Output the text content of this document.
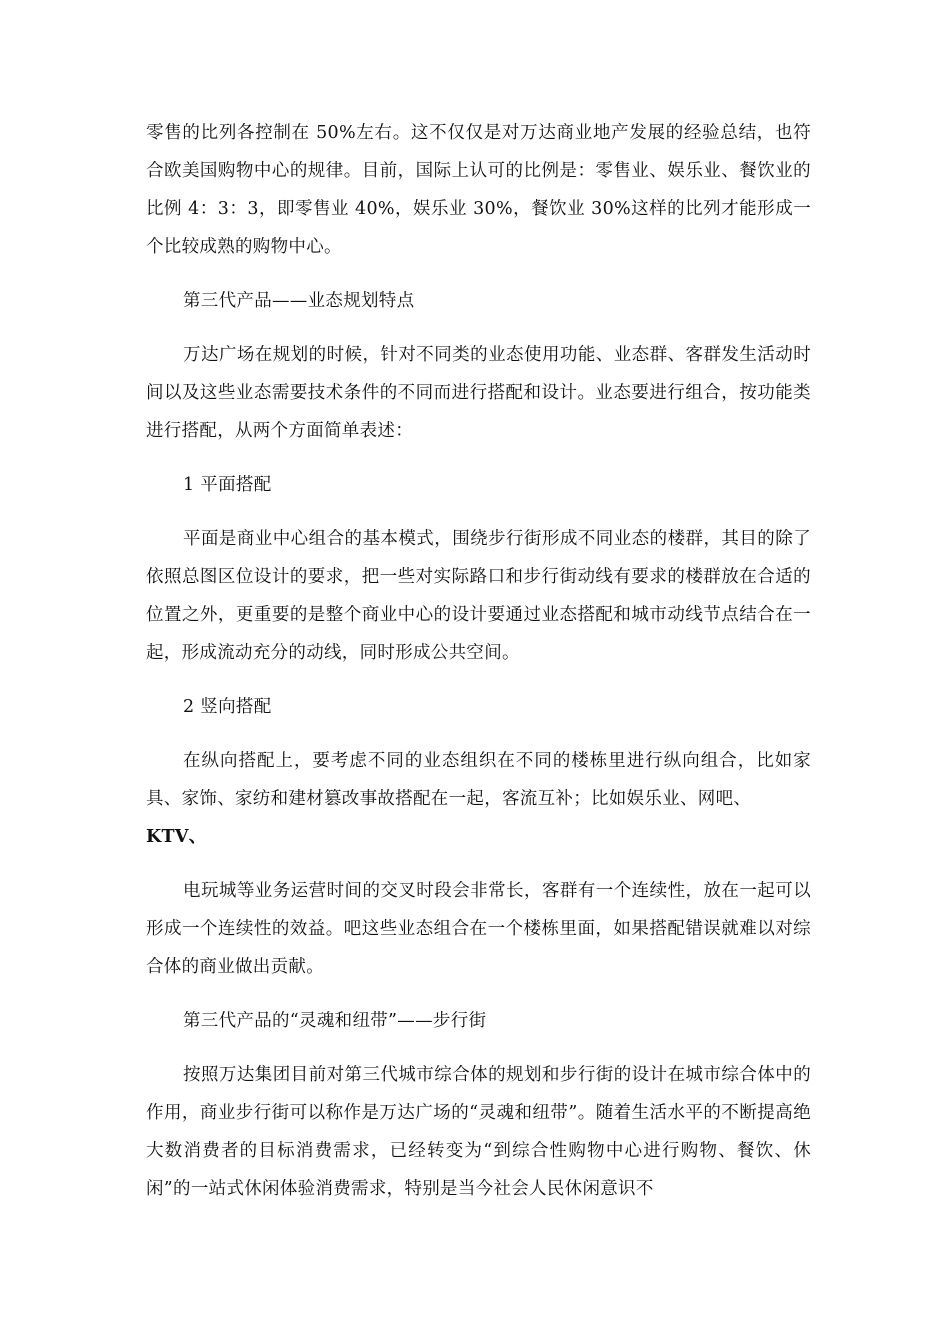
零售的比列各控制在 50%左右。这不仅仅是对万达商业地产发展的经验总结，也符合欧美国购物中心的规律。目前，国际上认可的比例是：零售业、娱乐业、餐饮业的比例 4：3：3，即零售业 40%，娱乐业 30%，餐饮业 30%这样的比列才能形成一个比较成熟的购物中心。

第三代产品——业态规划特点

万达广场在规划的时候，针对不同类的业态使用功能、业态群、客群发生活动时间以及这些业态需要技术条件的不同而进行搭配和设计。业态要进行组合，按功能类进行搭配，从两个方面简单表述：

1 平面搭配

平面是商业中心组合的基本模式，围绕步行街形成不同业态的楼群，其目的除了依照总图区位设计的要求，把一些对实际路口和步行街动线有要求的楼群放在合适的位置之外，更重要的是整个商业中心的设计要通过业态搭配和城市动线节点结合在一起，形成流动充分的动线，同时形成公共空间。

2 竖向搭配

在纵向搭配上，要考虑不同的业态组织在不同的楼栋里进行纵向组合，比如家具、家饰、家纺和建材篡改事故搭配在一起，客流互补；比如娱乐业、网吧、

KTV、

电玩城等业务运营时间的交叉时段会非常长，客群有一个连续性，放在一起可以形成一个连续性的效益。吧这些业态组合在一个楼栋里面，如果搭配错误就难以对综合体的商业做出贡献。

第三代产品的“灵魂和纽带”——步行街

按照万达集团目前对第三代城市综合体的规划和步行街的设计在城市综合体中的作用，商业步行街可以称作是万达广场的“灵魂和纽带”。随着生活水平的不断提高绝大数消费者的目标消费需求，已经转变为“到综合性购物中心进行购物、餐饮、休闲”的一站式休闲体验消费需求，特别是当今社会人民休闲意识不
